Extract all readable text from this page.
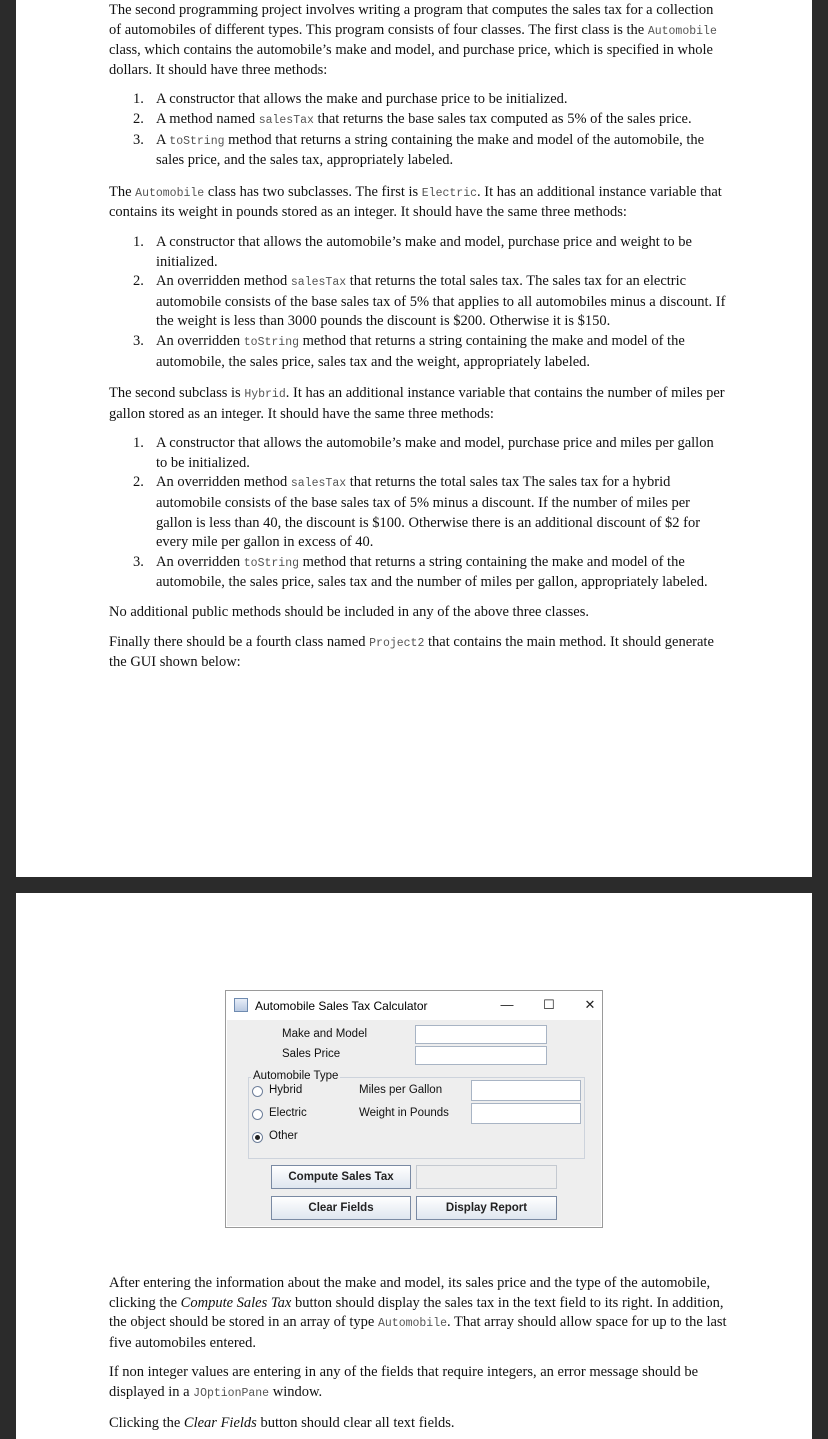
The second programming project involves writing a program that computes the sales tax for a collection of automobiles of different types. This program consists of four classes. The first class is the Automobile class, which contains the automobile’s make and model, and purchase price, which is specified in whole dollars. It should have three methods:

1. A constructor that allows the make and purchase price to be initialized.
2. A method named salesTax that returns the base sales tax computed as 5% of the sales price.
3. A toString method that returns a string containing the make and model of the automobile, the sales price, and the sales tax, appropriately labeled.

The Automobile class has two subclasses. The first is Electric. It has an additional instance variable that contains its weight in pounds stored as an integer. It should have the same three methods:

1. A constructor that allows the automobile’s make and model, purchase price and weight to be initialized.
2. An overridden method salesTax that returns the total sales tax. The sales tax for an electric automobile consists of the base sales tax of 5% that applies to all automobiles minus a discount. If the weight is less than 3000 pounds the discount is $200. Otherwise it is $150.
3. An overridden toString method that returns a string containing the make and model of the automobile, the sales price, sales tax and the weight, appropriately labeled.

The second subclass is Hybrid. It has an additional instance variable that contains the number of miles per gallon stored as an integer. It should have the same three methods:

1. A constructor that allows the automobile’s make and model, purchase price and miles per gallon to be initialized.
2. An overridden method salesTax that returns the total sales tax The sales tax for a hybrid automobile consists of the base sales tax of 5% minus a discount. If the number of miles per gallon is less than 40, the discount is $100. Otherwise there is an additional discount of $2 for every mile per gallon in excess of 40.
3. An overridden toString method that returns a string containing the make and model of the automobile, the sales price, sales tax and the number of miles per gallon, appropriately labeled.

No additional public methods should be included in any of the above three classes.

Finally there should be a fourth class named Project2 that contains the main method. It should generate the GUI shown below:

Automobile Sales Tax Calculator	— ☐ ✕
Make and Model
Sales Price
Automobile Type
Hybrid	Miles per Gallon
Electric	Weight in Pounds
Other
Compute Sales Tax
Clear Fields	Display Report

After entering the information about the make and model, its sales price and the type of the automobile, clicking the Compute Sales Tax button should display the sales tax in the text field to its right. In addition, the object should be stored in an array of type Automobile. That array should allow space for up to the last five automobiles entered.

If non integer values are entering in any of the fields that require integers, an error message should be displayed in a JOptionPane window.

Clicking the Clear Fields button should clear all text fields.
